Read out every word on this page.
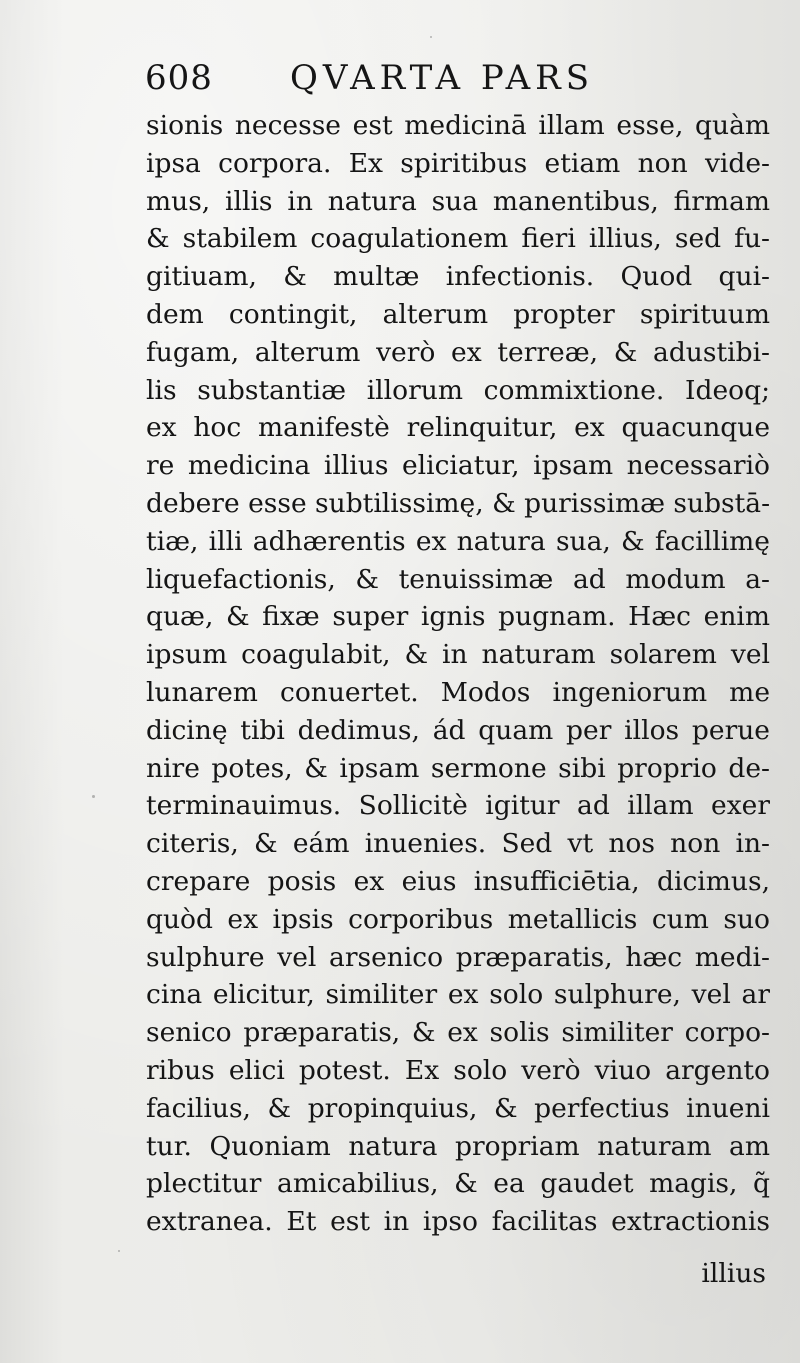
608 QVARTA PARS
sionis necesse est medicinā illam esse, quàm
ipsa corpora. Ex spiritibus etiam non vide-
mus, illis in natura sua manentibus, firmam
& stabilem coagulationem fieri illius, sed fu-
gitiuam, & multæ infectionis. Quod qui-
dem contingit, alterum propter spirituum
fugam, alterum verò ex terreæ, & adustibi-
lis substantiæ illorum commixtione. Ideoq;
ex hoc manifestè relinquitur, ex quacunque
re medicina illius eliciatur, ipsam necessariò
debere esse subtilissimę, & purissimæ substā-
tiæ, illi adhærentis ex natura sua, & facillimę
liquefactionis, & tenuissimæ ad modum a-
quæ, & fixæ super ignis pugnam. Hæc enim
ipsum coagulabit, & in naturam solarem vel
lunarem conuertet. Modos ingeniorum me
dicinę tibi dedimus, ád quam per illos perue
nire potes, & ipsam sermone sibi proprio de-
terminauimus. Sollicitè igitur ad illam exer
citeris, & eám inuenies. Sed vt nos non in-
crepare posis ex eius insufficiētia, dicimus,
quòd ex ipsis corporibus metallicis cum suo
sulphure vel arsenico præparatis, hæc medi-
cina elicitur, similiter ex solo sulphure, vel ar
senico præparatis, & ex solis similiter corpo-
ribus elici potest. Ex solo verò viuo argento
facilius, & propinquius, & perfectius inueni
tur. Quoniam natura propriam naturam am
plectitur amicabilius, & ea gaudet magis, q̃
extranea. Et est in ipso facilitas extractionis
illius
